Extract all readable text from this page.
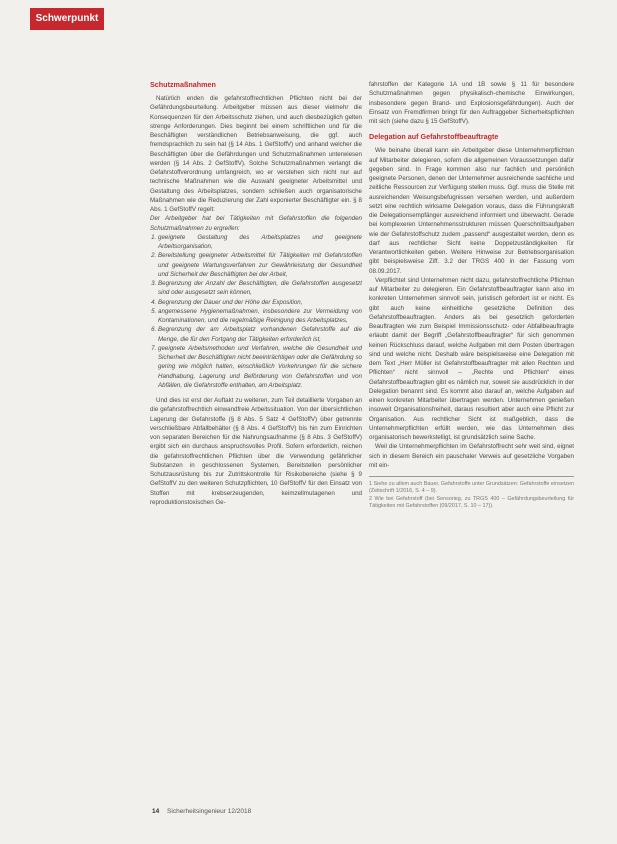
Schwerpunkt
Schutzmaßnahmen

Natürlich enden die gefahrstoffrechtlichen Pflichten nicht bei der Gefährdungsbeurteilung. Arbeitgeber müssen aus dieser vielmehr die Konsequenzen für den Arbeitsschutz ziehen, und auch diesbezüglich gelten strenge Anforderungen. Dies beginnt bei einem schriftlichen und für die Beschäftigten verständlichen Betriebsanweisung, die ggf. auch fremdsprachlich zu sein hat (§ 14 Abs. 1 GefStoffV) und anhand welcher die Beschäftigten über die Gefährdungen und Schutzmaßnahmen unterwiesen werden (§ 14 Abs. 2 GefStoffV). Solche Schutzmaßnahmen verlangt die Gefahrstoffverordnung umfangreich, wo er verstehen sich nicht nur auf technische Maßnahmen wie die Auswahl geeigneter Arbeitsmittel und Gestaltung des Arbeitsplatzes, sondern schließen auch organisatorische Maßnahmen wie die Reduzierung der Zahl exponierter Beschäftigter ein. § 8 Abs. 1 GefStoffV regelt:

Der Arbeitgeber hat bei Tätigkeiten mit Gefahrstoffen die folgenden Schutzmaßnahmen zu ergreifen:

1. geeignete Gestaltung des Arbeitsplatzes und geeignete Arbeitsorganisation,
2. Bereitstellung geeigneter Arbeitsmittel für Tätigkeiten mit Gefahrstoffen und geeignete Wartungsverfahren zur Gewährleistung der Gesundheit und Sicherheit der Beschäftigten bei der Arbeit,
3. Begrenzung der Anzahl der Beschäftigten, die Gefahrstoffen ausgesetzt sind oder ausgesetzt sein können,
4. Begrenzung der Dauer und der Höhe der Exposition,
5. angemessene Hygienemaßnahmen, insbesondere zur Vermeidung von Kontaminationen, und die regelmäßige Reinigung des Arbeitsplatzes,
6. Begrenzung der am Arbeitsplatz vorhandenen Gefahrstoffe auf die Menge, die für den Fortgang der Tätigkeiten erforderlich ist,
7. geeignete Arbeitsmethoden und Verfahren, welche die Gesundheit und Sicherheit der Beschäftigten nicht beeinträchtigen oder die Gefährdung so gering wie möglich halten, einschließlich Vorkehrungen für die sichere Handhabung, Lagerung und Beförderung von Gefahrstoffen und von Abfällen, die Gefahrstoffe enthalten, am Arbeitsplatz.

Und dies ist erst der Auftakt zu weiteren, zum Teil detaillierte Vorgaben an die gefahrstoffrechtlich einwandfreie Arbeitssituation. Von der übersichtlichen Lagerung der Gefahrstoffe (§ 8 Abs. 5 Satz 4 GefStoffV) über getrennte verschließbare Abfallbehälter (§ 8 Abs. 4 GefStoffV) bis hin zum Einrichten von separaten Bereichen für die Nahrungsaufnahme (§ 8 Abs. 3 GefStoffV) ergibt sich ein durchaus anspruchsvolles Profil. Sofern erforderlich, reichen die gefahrstoffrechtlichen Pflichten über die Verwendung gefährlicher Substanzen in geschlossenen Systemen, Bereitstellen persönlicher Schutzausrüstung bis zur Zutrittskontrolle für Risikobereiche (siehe § 9 GefStoffV zu den weiteren Schutzpflichten, 10 GefStoffV für den Einsatz von Stoffen mit krebserzeugenden, keimzellmutagenen und reproduktionstoxischen Ge-

fahrstoffen der Kategorie 1A und 1B sowie § 11 für besondere Schutzmaßnahmen gegen physikalisch-chemische Einwirkungen, insbesondere gegen Brand- und Explosionsgefährdungen). Auch der Einsatz von Fremdfirmen bringt für den Auftraggeber Sicherheitspflichten mit sich (siehe dazu § 15 GefStoffV).

Delegation auf Gefahrstoffbeauftragte

Wie beinahe überall kann ein Arbeitgeber diese Unternehmerpflichten auf Mitarbeiter delegieren, sofern die allgemeinen Voraussetzungen dafür gegeben sind. In Frage kommen also nur fachlich und persönlich geeignete Personen, denen der Unternehmer ausreichende sachliche und zeitliche Ressourcen zur Verfügung stellen muss. Ggf. muss die Stelle mit ausreichenden Weisungsbefugnissen versehen werden, und außerdem setzt eine rechtlich wirksame Delegation voraus, dass die Führungskraft die Delegationsempfänger ausreichend informiert und überwacht. Gerade bei komplexeren Unternehmensstrukturen müssen Querschnittsaufgaben wie der Gefahrstoffschutz zudem „passend“ ausgestaltet werden, denn es darf aus rechtlicher Sicht keine Doppelzuständigkeiten für Verantwortlichkeiten geben. Weitere Hinweise zur Betriebsorganisation gibt beispielsweise Ziff. 3.2 der TRGS 400 in der Fassung vom 08.09.2017.

Verpflichtet sind Unternehmen nicht dazu, gefahrstoffrechtliche Pflichten auf Mitarbeiter zu delegieren. Ein Gefahrstoffbeauftragter kann also im konkreten Unternehmen sinnvoll sein, juristisch gefordert ist er nicht. Es gibt auch keine einheitliche gesetzliche Definition des Gefahrstoffbeauftragten. Anders als bei gesetzlich geforderten Beauftragten wie zum Beispiel Immissionsschutz- oder Abfallbeauftragte erlaubt damit der Begriff „Gefahrstoffbeauftragter“ für sich genommen keinen Rückschluss darauf, welche Aufgaben mit dem Posten übertragen sind und welche nicht. Deshalb wäre beispielsweise eine Delegation mit dem Text „Herr Müller ist Gefahrstoffbeauftragter mit allen Rechten und Pflichten“ nicht sinnvoll – „Rechte und Pflichten“ eines Gefahrstoffbeauftragten gibt es nämlich nur, soweit sie ausdrücklich in der Delegation benannt sind. Es kommt also darauf an, welche Aufgaben auf einen konkreten Mitarbeiter übertragen werden. Unternehmen genießen insoweit Organisationsfreiheit, daraus resultiert aber auch eine Pflicht zur Organisation. Aus rechtlicher Sicht ist maßgeblich, dass die Unternehmerpflichten erfüllt werden, wie das Unternehmen dies organisatorisch bewerkstelligt, ist grundsätzlich seine Sache.

Weil die Unternehmerpflichten im Gefahrstoffrecht sehr weit sind, eignet sich in diesem Bereich ein pauschaler Verweis auf gesetzliche Vorgaben mit ein-

1 Siehe zu allem auch Bauer, Gefahrstoffe unter Grundsätzen: Gefahrstoffe einsetzen (Zeitschrift 1/2016, S. 4 – 9).
2 Wie bei Gefahrstoff (bei Sensorieg, zu TRGS 400 – Gefährdungsbeurteilung für Tätigkeiten mit Gefahrstoffen (09/2017, S. 10 – 17)).
14 Sicherheitsingenieur 12/2018
